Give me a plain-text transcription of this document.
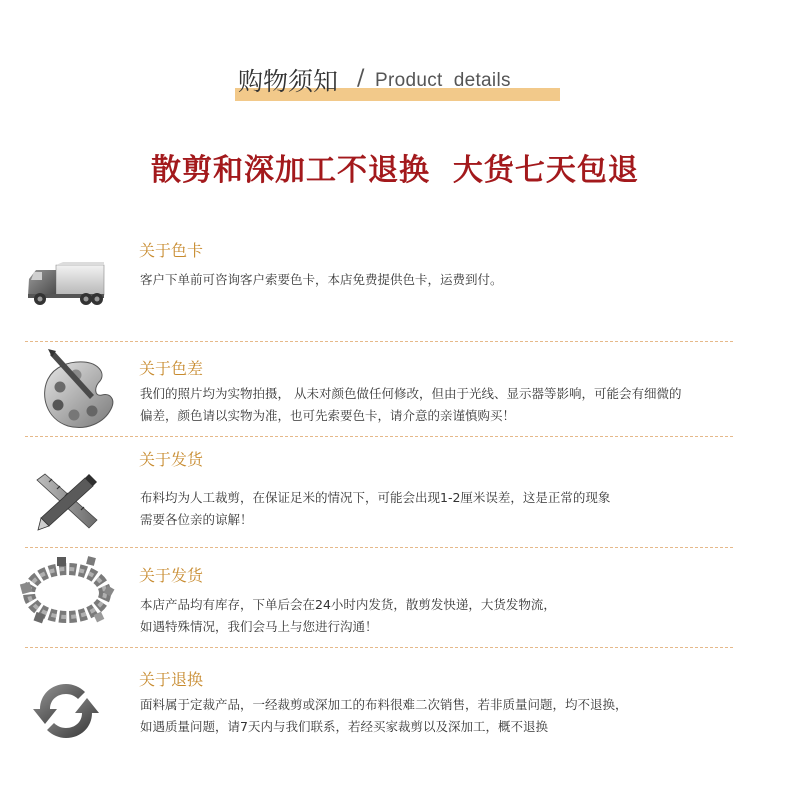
购物须知 / Product  details
散剪和深加工不退换  大货七天包退
关于色卡
客户下单前可咨询客户索要色卡，本店免费提供色卡，运费到付。
关于色差
我们的照片均为实物拍摄， 从未对颜色做任何修改，但由于光线、显示器等影响，可能会有细微的
偏差，颜色请以实物为准，也可先索要色卡，请介意的亲谨慎购买！
关于发货
布料均为人工裁剪，在保证足米的情况下，可能会出现1-2厘米误差，这是正常的现象
需要各位亲的谅解！
关于发货
本店产品均有库存，下单后会在24小时内发货，散剪发快递，大货发物流，
如遇特殊情况，我们会马上与您进行沟通！
关于退换
面料属于定裁产品，一经裁剪或深加工的布料很难二次销售，若非质量问题，均不退换，
如遇质量问题，请7天内与我们联系，若经买家裁剪以及深加工，概不退换
